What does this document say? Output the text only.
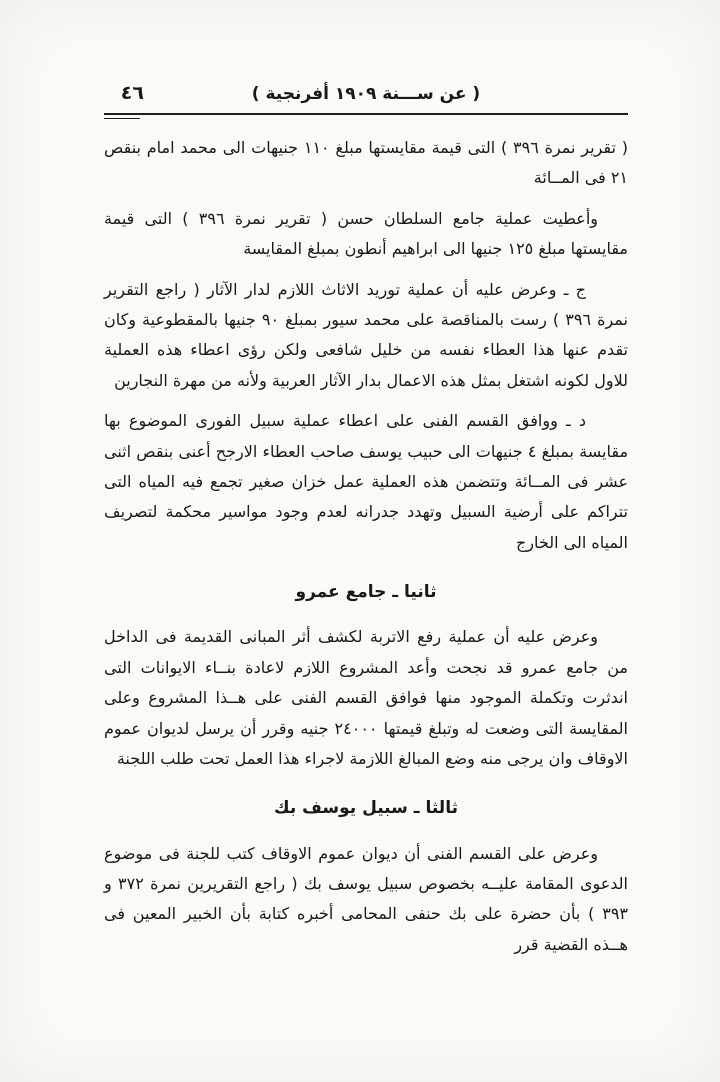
( عن ســـنة ١٩٠٩ أفرنجية )
٤٦

( تقرير نمرة ٣٩٦ ) التى قيمة مقايستها مبلغ ١١٠ جنيهات الى محمد امام بنقص ٢١ فى المــائة

وأعطيت عملية جامع السلطان حسن ( تقرير نمرة ٣٩٦ ) التى قيمة مقايستها مبلغ ١٢٥ جنيها الى ابراهيم أنطون بمبلغ المقايسة

ج ـ وعرض عليه أن عملية توريد الاثاث اللازم لدار الآثار ( راجع التقرير نمرة ٣٩٦ ) رست بالمناقصة على محمد سيور بمبلغ ٩٠ جنيها بالمقطوعية وكان تقدم عنها هذا العطاء نفسه من خليل شافعى ولكن رؤى اعطاء هذه العملية للاول لكونه اشتغل بمثل هذه الاعمال بدار الآثار العربية ولأنه من مهرة النجارين

د ـ ووافق القسم الفنى على اعطاء عملية سبيل الفورى الموضوع بها مقايسة بمبلغ ٤ جنيهات الى حبيب يوسف صاحب العطاء الارجح أعنى بنقص اثنى عشر فى المــائة وتتضمن هذه العملية عمل خزان صغير تجمع فيه المياه التى تتراكم على أرضية السبيل وتهدد جدرانه لعدم وجود مواسير محكمة لتصريف المياه الى الخارج

ثانيا ـ جامع عمرو

وعرض عليه أن عملية رفع الاتربة لكشف أثر المبانى القديمة فى الداخل من جامع عمرو قد نجحت وأعد المشروع اللازم لاعادة بنــاء الايوانات التى اندثرت وتكملة الموجود منها فوافق القسم الفنى على هــذا المشروع وعلى المقايسة التى وضعت له وتبلغ قيمتها ٢٤٠٠٠ جنيه وقرر أن يرسل لديوان عموم الاوقاف وان يرجى منه وضع المبالغ اللازمة لاجراء هذا العمل تحت طلب اللجنة

ثالثا ـ سبيل يوسف بك

وعرض على القسم الفنى أن ديوان عموم الاوقاف كتب للجنة فى موضوع الدعوى المقامة عليــه بخصوص سبيل يوسف بك ( راجع التقريرين نمرة ٣٧٢ و ٣٩٣ ) بأن حضرة على بك حنفى المحامى أخبره كتابة بأن الخبير المعين فى هــذه القضية قرر
